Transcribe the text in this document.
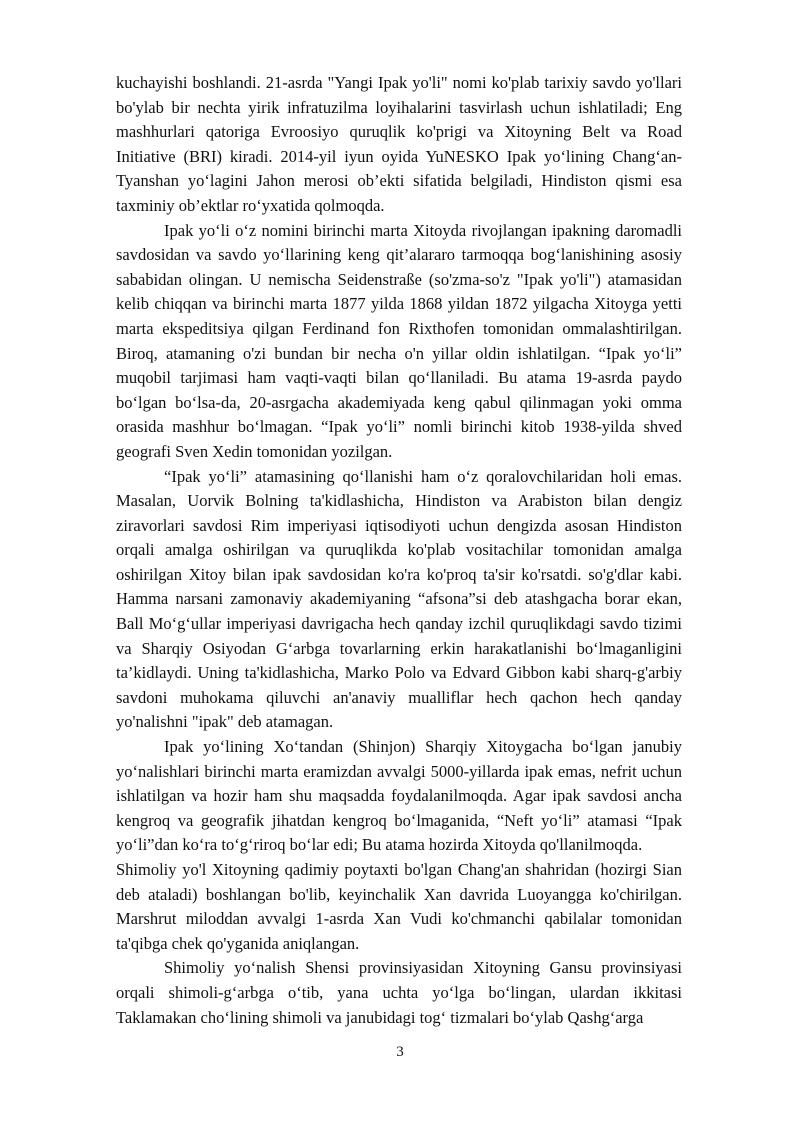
kuchayishi boshlandi. 21-asrda "Yangi Ipak yo'li" nomi ko'plab tarixiy savdo yo'llari bo'ylab bir nechta yirik infratuzilma loyihalarini tasvirlash uchun ishlatiladi; Eng mashhurlari qatoriga Evroosiyo quruqlik ko'prigi va Xitoyning Belt va Road Initiative (BRI) kiradi. 2014-yil iyun oyida YuNESKO Ipak yo‘lining Chang‘an-Tyanshan yo‘lagini Jahon merosi ob’ekti sifatida belgiladi, Hindiston qismi esa taxminiy ob’ektlar ro‘yxatida qolmoqda.

Ipak yo‘li o‘z nomini birinchi marta Xitoyda rivojlangan ipakning daromadli savdosidan va savdo yo‘llarining keng qit’alararo tarmoqqa bog‘lanishining asosiy sababidan olingan. U nemischa Seidenstraße (so'zma-so'z "Ipak yo'li") atamasidan kelib chiqqan va birinchi marta 1877 yilda 1868 yildan 1872 yilgacha Xitoyga yetti marta ekspeditsiya qilgan Ferdinand fon Rixthofen tomonidan ommalashtirilgan. Biroq, atamaning o'zi bundan bir necha o'n yillar oldin ishlatilgan. “Ipak yo‘li” muqobil tarjimasi ham vaqti-vaqti bilan qo‘llaniladi. Bu atama 19-asrda paydo bo‘lgan bo‘lsa-da, 20-asrgacha akademiyada keng qabul qilinmagan yoki omma orasida mashhur bo‘lmagan. “Ipak yo‘li” nomli birinchi kitob 1938-yilda shved geografi Sven Xedin tomonidan yozilgan.

“Ipak yo‘li” atamasining qo‘llanishi ham o‘z qoralovchilaridan holi emas. Masalan, Uorvik Bolning ta'kidlashicha, Hindiston va Arabiston bilan dengiz ziravorlari savdosi Rim imperiyasi iqtisodiyoti uchun dengizda asosan Hindiston orqali amalga oshirilgan va quruqlikda ko'plab vositachilar tomonidan amalga oshirilgan Xitoy bilan ipak savdosidan ko'ra ko'proq ta'sir ko'rsatdi. so'g'dlar kabi. Hamma narsani zamonaviy akademiyaning “afsona”si deb atashgacha borar ekan, Ball Mo‘g‘ullar imperiyasi davrigacha hech qanday izchil quruqlikdagi savdo tizimi va Sharqiy Osiyodan G‘arbga tovarlarning erkin harakatlanishi bo‘lmaganligini ta’kidlaydi. Uning ta'kidlashicha, Marko Polo va Edvard Gibbon kabi sharq-g'arbiy savdoni muhokama qiluvchi an'anaviy mualliflar hech qachon hech qanday yo'nalishni "ipak" deb atamagan.

Ipak yo‘lining Xo‘tandan (Shinjon) Sharqiy Xitoygacha bo‘lgan janubiy yo‘nalishlari birinchi marta eramizdan avvalgi 5000-yillarda ipak emas, nefrit uchun ishlatilgan va hozir ham shu maqsadda foydalanilmoqda. Agar ipak savdosi ancha kengroq va geografik jihatdan kengroq bo‘lmaganida, “Neft yo‘li” atamasi “Ipak yo‘li”dan ko‘ra to‘g‘riroq bo‘lar edi; Bu atama hozirda Xitoyda qo'llanilmoqda.

Shimoliy yo'l Xitoyning qadimiy poytaxti bo'lgan Chang'an shahridan (hozirgi Sian deb ataladi) boshlangan bo'lib, keyinchalik Xan davrida Luoyangga ko'chirilgan. Marshrut miloddan avvalgi 1-asrda Xan Vudi ko'chmanchi qabilalar tomonidan ta'qibga chek qo'yganida aniqlangan.

Shimoliy yo‘nalish Shensi provinsiyasidan Xitoyning Gansu provinsiyasi orqali shimoli-g‘arbga o‘tib, yana uchta yo‘lga bo‘lingan, ulardan ikkitasi Taklamakan cho‘lining shimoli va janubidagi tog‘ tizmalari bo‘ylab Qashg‘arga

3
